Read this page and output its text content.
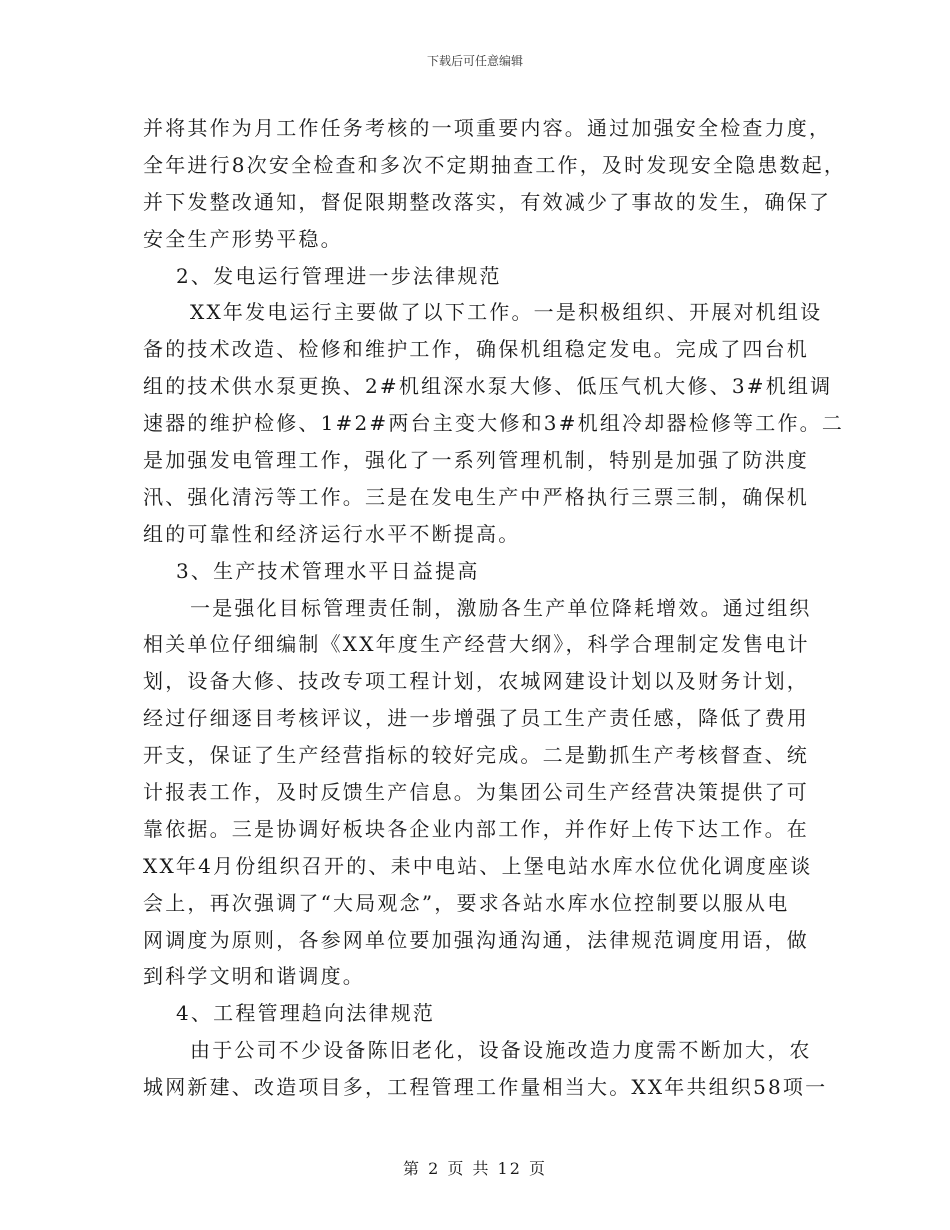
下载后可任意编辑
并将其作为月工作任务考核的一项重要内容。通过加强安全检查力度，
全年进行8次安全检查和多次不定期抽查工作，及时发现安全隐患数起，
并下发整改通知，督促限期整改落实，有效减少了事故的发生，确保了
安全生产形势平稳。
2、发电运行管理进一步法律规范
XX年发电运行主要做了以下工作。一是积极组织、开展对机组设
备的技术改造、检修和维护工作，确保机组稳定发电。完成了四台机
组的技术供水泵更换、2#机组深水泵大修、低压气机大修、3#机组调
速器的维护检修、1#2#两台主变大修和3#机组冷却器检修等工作。二
是加强发电管理工作，强化了一系列管理机制，特别是加强了防洪度
汛、强化清污等工作。三是在发电生产中严格执行三票三制，确保机
组的可靠性和经济运行水平不断提高。
3、生产技术管理水平日益提高
一是强化目标管理责任制，激励各生产单位降耗增效。通过组织
相关单位仔细编制《XX年度生产经营大纲》，科学合理制定发售电计
划，设备大修、技改专项工程计划，农城网建设计划以及财务计划，
经过仔细逐目考核评议，进一步增强了员工生产责任感，降低了费用
开支，保证了生产经营指标的较好完成。二是勤抓生产考核督查、统
计报表工作，及时反馈生产信息。为集团公司生产经营决策提供了可
靠依据。三是协调好板块各企业内部工作，并作好上传下达工作。在
XX年4月份组织召开的、耒中电站、上堡电站水库水位优化调度座谈
会上，再次强调了“大局观念”，要求各站水库水位控制要以服从电
网调度为原则，各参网单位要加强沟通沟通，法律规范调度用语，做
到科学文明和谐调度。
4、工程管理趋向法律规范
由于公司不少设备陈旧老化，设备设施改造力度需不断加大，农
城网新建、改造项目多，工程管理工作量相当大。XX年共组织58项一
第 2 页 共 12 页
